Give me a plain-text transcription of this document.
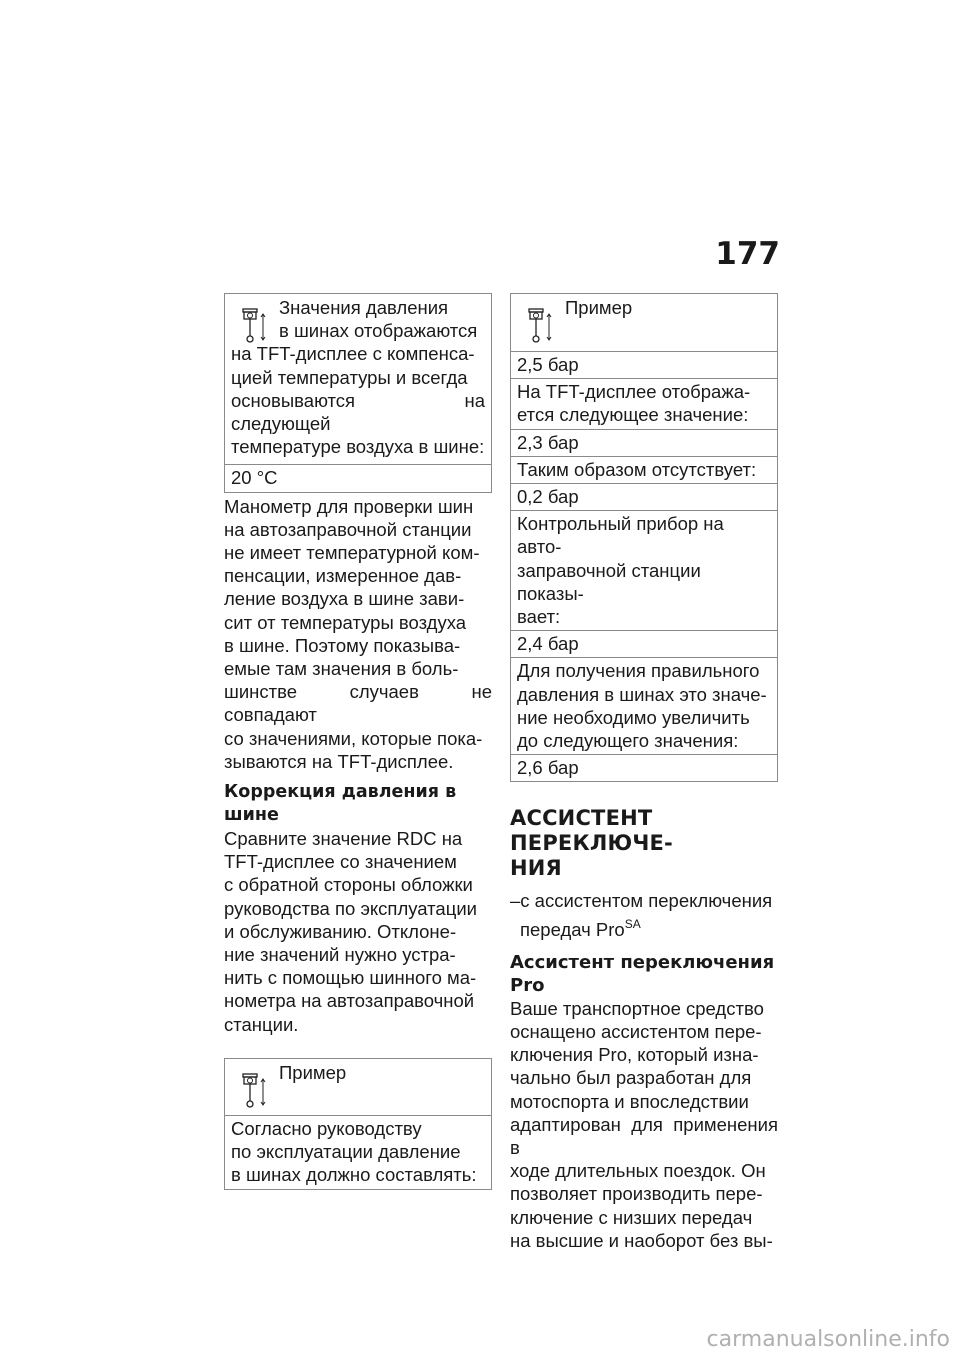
177
Значения давления
в шинах отображаются
на TFT-дисплее с компенса-
цией температуры и всегда
основываются на следующей
температуре воздуха в шине:
20 °C

Манометр для проверки шин
на автозаправочной станции
не имеет температурной ком-
пенсации, измеренное дав-
ление воздуха в шине зави-
сит от температуры воздуха
в шине. Поэтому показыва-
емые там значения в боль-
шинстве случаев не совпадают
со значениями, которые пока-
зываются на TFT-дисплее.

Коррекция давления в шине

Сравните значение RDC на
TFT-дисплее со значением
с обратной стороны обложки
руководства по эксплуатации
и обслуживанию. Отклоне-
ние значений нужно устра-
нить с помощью шинного ма-
нометра на автозаправочной
станции.

Пример
Согласно руководству
по эксплуатации давление
в шинах должно составлять:
Пример
2,5 бар
На TFT-дисплее отобража-
ется следующее значение:
2,3 бар
Таким образом отсутствует:
0,2 бар
Контрольный прибор на авто-
заправочной станции показы-
вает:
2,4 бар
Для получения правильного
давления в шинах это значе-
ние необходимо увеличить
до следующего значения:
2,6 бар
АССИСТЕНТ ПЕРЕКЛЮЧЕ-
НИЯ

–с ассистентом переключения
передач Pro$^{SA}$

Ассистент переключения
Pro

Ваше транспортное средство
оснащено ассистентом пере-
ключения Pro, который изна-
чально был разработан для
мотоспорта и впоследствии
адаптирован для применения в
ходе длительных поездок. Он
позволяет производить пере-
ключение с низших передач
на высшие и наоборот без вы-

carmanualsonline.info
